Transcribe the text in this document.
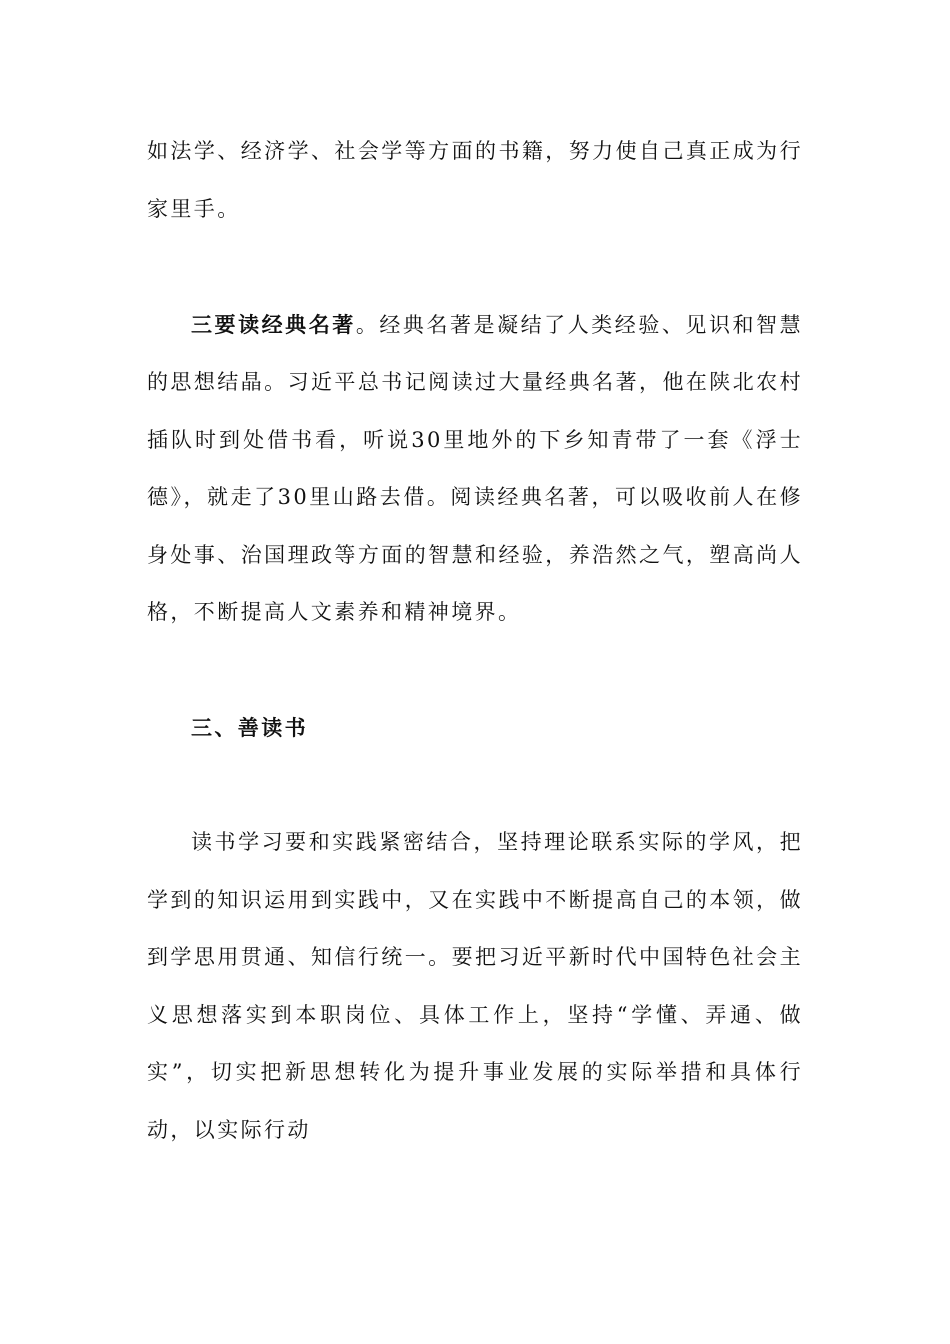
如法学、经济学、社会学等方面的书籍，努力使自己真正成为行家里手。

三要读经典名著。经典名著是凝结了人类经验、见识和智慧的思想结晶。习近平总书记阅读过大量经典名著，他在陕北农村插队时到处借书看，听说30里地外的下乡知青带了一套《浮士德》，就走了30里山路去借。阅读经典名著，可以吸收前人在修身处事、治国理政等方面的智慧和经验，养浩然之气，塑高尚人格，不断提高人文素养和精神境界。

三、善读书

读书学习要和实践紧密结合，坚持理论联系实际的学风，把学到的知识运用到实践中，又在实践中不断提高自己的本领，做到学思用贯通、知信行统一。要把习近平新时代中国特色社会主义思想落实到本职岗位、具体工作上，坚持“学懂、弄通、做实”，切实把新思想转化为提升事业发展的实际举措和具体行动，以实际行动
